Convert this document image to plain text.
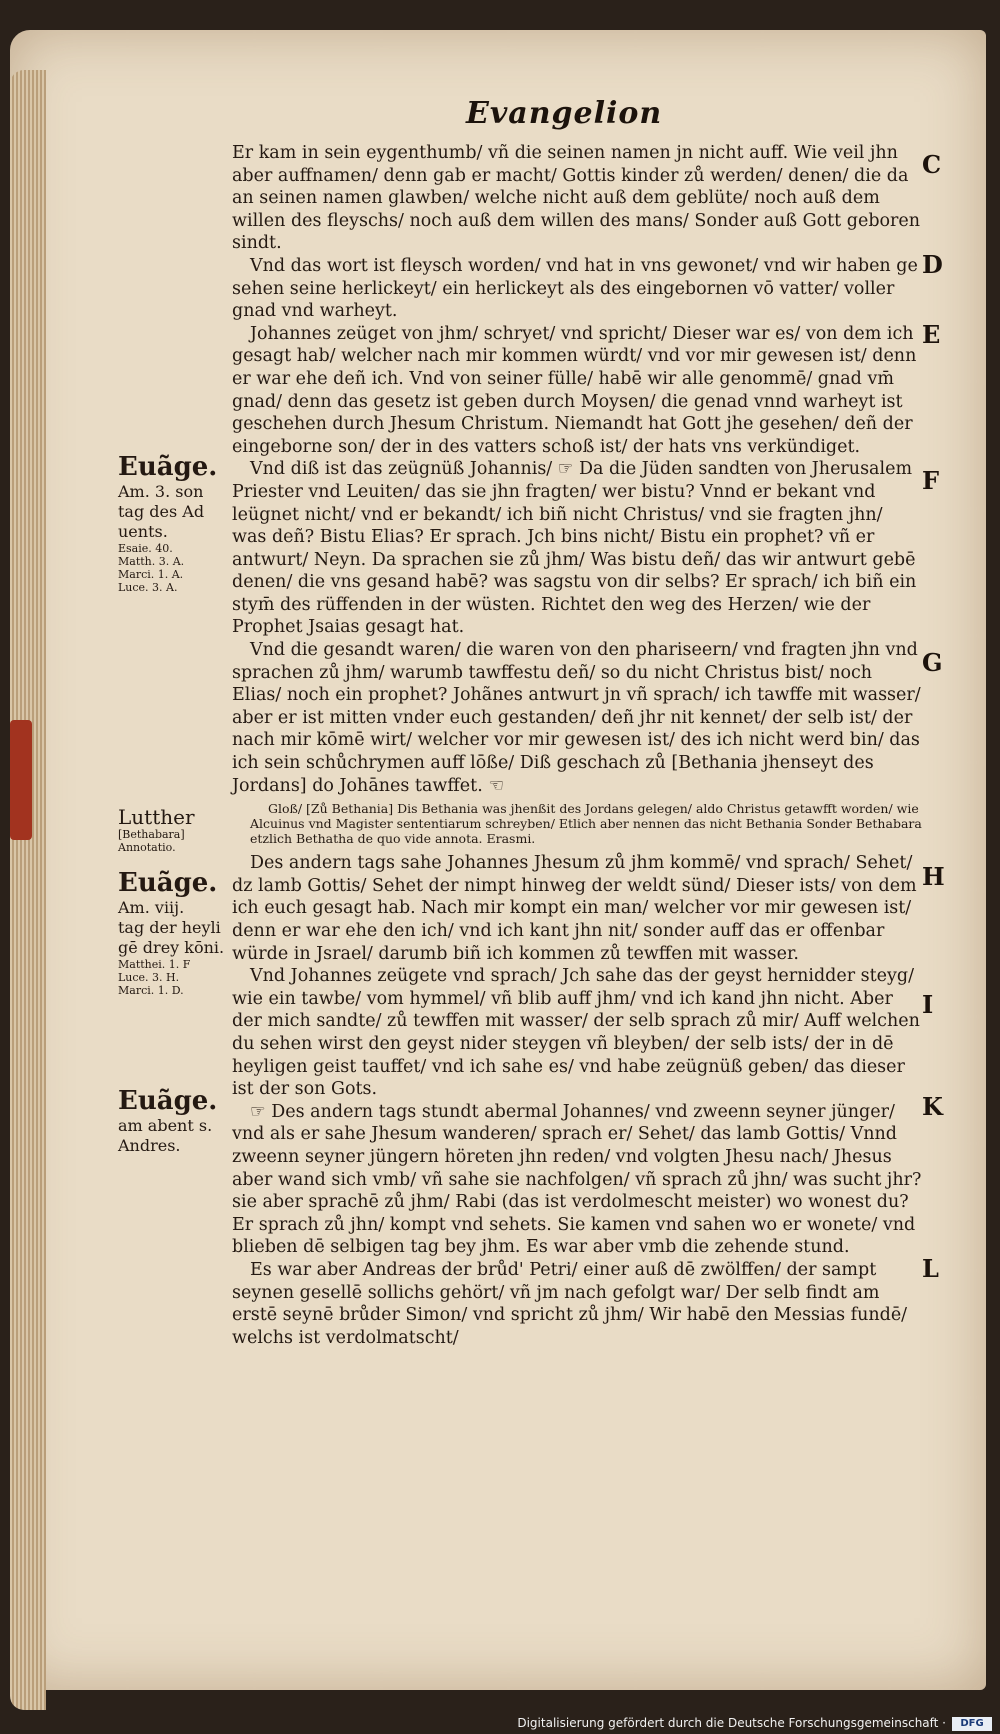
Evangelion

Er kam in sein eygenthumb/ vñ die seinen namen jn nicht auff. Wie veil jhn aber auffnamen/ denn gab er macht/ Gottis kinder zů werden/ denen/ die da an seinen namen glawben/ welche nicht auß dem geblüte/ noch auß dem willen des fleyschs/ noch auß dem willen des mans/ Sonder auß Gott geboren sindt.

Vnd das wort ist fleysch worden/ vnd hat in vns gewonet/ vnd wir haben ge sehen seine herlickeyt/ ein herlickeyt als des eingebornen vō vatter/ voller gnad vnd warheyt.

Johannes zeüget von jhm/ schryet/ vnd spricht/ Dieser war es/ von dem ich gesagt hab/ welcher nach mir kommen würdt/ vnd vor mir gewesen ist/ denn er war ehe deñ ich. Vnd von seiner fülle/ habē wir alle genommē/ gnad vm̄ gnad/ denn das gesetz ist geben durch Moysen/ die genad vnnd warheyt ist geschehen durch Jhesum Christum. Niemandt hat Gott jhe gesehen/ deñ der eingeborne son/ der in des vatters schoß ist/ der hats vns verkündiget.

Vnd diß ist das zeügnüß Johannis/ ☞ Da die Jüden sandten von Jherusalem Priester vnd Leuiten/ das sie jhn fragten/ wer bistu? Vnnd er bekant vnd leügnet nicht/ vnd er bekandt/ ich biñ nicht Christus/ vnd sie fragten jhn/ was deñ? Bistu Elias? Er sprach. Jch bins nicht/ Bistu ein prophet? vñ er antwurt/ Neyn. Da sprachen sie zů jhm/ Was bistu deñ/ das wir antwurt gebē denen/ die vns gesand habē? was sagstu von dir selbs? Er sprach/ ich biñ ein stym̄ des rüffenden in der wüsten. Richtet den weg des Herzen/ wie der Prophet Jsaias gesagt hat.

Vnd die gesandt waren/ die waren von den phariseern/ vnd fragten jhn vnd sprachen zů jhm/ warumb tawffestu deñ/ so du nicht Christus bist/ noch Elias/ noch ein prophet? Johãnes antwurt jn vñ sprach/ ich tawffe mit wasser/ aber er ist mitten vnder euch gestanden/ deñ jhr nit kennet/ der selb ist/ der nach mir kōmē wirt/ welcher vor mir gewesen ist/ des ich nicht werd bin/ das ich sein schůchrymen auff lōße/ Diß geschach zů [Bethania jhenseyt des Jordans] do Johānes tawffet. ☜

Gloß/ [Zů Bethania] Dis Bethania was jhenßit des Jordans gelegen/ aldo Christus getawfft worden/ wie Alcuinus vnd Magister sententiarum schreyben/ Etlich aber nennen das nicht Bethania Sonder Bethabara etzlich Bethatha de quo vide annota. Erasmi.

Des andern tags sahe Johannes Jhesum zů jhm kommē/ vnd sprach/ Sehet/ dz lamb Gottis/ Sehet der nimpt hinweg der weldt sünd/ Dieser ists/ von dem ich euch gesagt hab. Nach mir kompt ein man/ welcher vor mir gewesen ist/ denn er war ehe den ich/ vnd ich kant jhn nit/ sonder auff das er offenbar würde in Jsrael/ darumb biñ ich kommen zů tewffen mit wasser.

Vnd Johannes zeügete vnd sprach/ Jch sahe das der geyst hernidder steyg/ wie ein tawbe/ vom hymmel/ vñ blib auff jhm/ vnd ich kand jhn nicht. Aber der mich sandte/ zů tewffen mit wasser/ der selb sprach zů mir/ Auff welchen du sehen wirst den geyst nider steygen vñ bleyben/ der selb ists/ der in dē heyligen geist tauffet/ vnd ich sahe es/ vnd habe zeügnüß geben/ das dieser ist der son Gots.

☞ Des andern tags stundt abermal Johannes/ vnd zweenn seyner jünger/ vnd als er sahe Jhesum wanderen/ sprach er/ Sehet/ das lamb Gottis/ Vnnd zweenn seyner jüngern höreten jhn reden/ vnd volgten Jhesu nach/ Jhesus aber wand sich vmb/ vñ sahe sie nachfolgen/ vñ sprach zů jhn/ was sucht jhr? sie aber sprachē zů jhm/ Rabi (das ist verdolmescht meister) wo wonest du? Er sprach zů jhn/ kompt vnd sehets. Sie kamen vnd sahen wo er wonete/ vnd blieben dē selbigen tag bey jhm. Es war aber vmb die zehende stund.

Es war aber Andreas der brůd' Petri/ einer auß dē zwölffen/ der sampt seynen gesellē sollichs gehört/ vñ jm nach gefolgt war/ Der selb findt am erstē seynē brůder Simon/ vnd spricht zů jhm/ Wir habē den Messias fundē/ welchs ist verdolmatscht/

C
D
E
F
G
H
I
K
L
Euãge.
Am. 3. son
tag des Ad
uents.
Esaie. 40.
Matth. 3. A.
Marci. 1. A.
Luce. 3. A.
Lutther
[Bethabara]
Annotatio.
Euãge.
Am. viij.
tag der heyli
gē drey kōni.
Matthei. 1. F
Luce. 3. H.
Marci. 1. D.
Euãge.
am abent s.
Andres.
Digitalisierung gefördert durch die Deutsche Forschungsgemeinschaft ·	DFG
